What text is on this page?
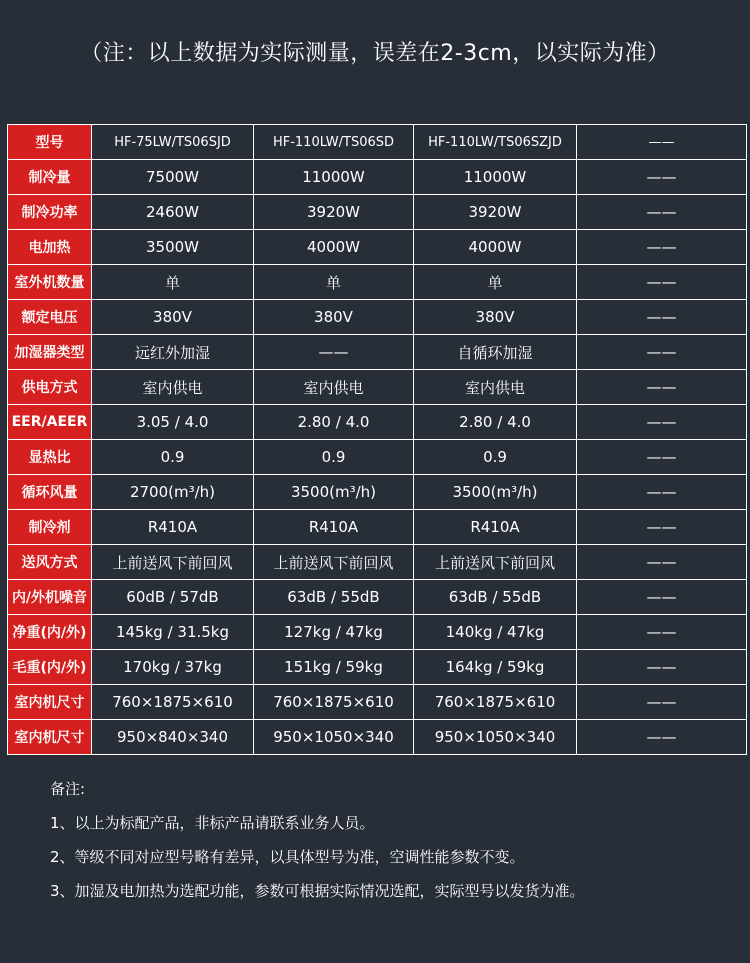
（注：以上数据为实际测量，误差在2-3cm，以实际为准）
型号	HF-75LW/TS06SJD	HF-110LW/TS06SD	HF-110LW/TS06SZJD	——
制冷量	7500W	11000W	11000W	——
制冷功率	2460W	3920W	3920W	——
电加热	3500W	4000W	4000W	——
室外机数量	单	单	单	——
额定电压	380V	380V	380V	——
加湿器类型	远红外加湿	——	自循环加湿	——
供电方式	室内供电	室内供电	室内供电	——
EER/AEER	3.05 / 4.0	2.80 / 4.0	2.80 / 4.0	——
显热比	0.9	0.9	0.9	——
循环风量	2700(m³/h)	3500(m³/h)	3500(m³/h)	——
制冷剂	R410A	R410A	R410A	——
送风方式	上前送风下前回风	上前送风下前回风	上前送风下前回风	——
内/外机噪音	60dB / 57dB	63dB / 55dB	63dB / 55dB	——
净重(内/外)	145kg / 31.5kg	127kg / 47kg	140kg / 47kg	——
毛重(内/外)	170kg / 37kg	151kg / 59kg	164kg / 59kg	——
室内机尺寸	760×1875×610	760×1875×610	760×1875×610	——
室内机尺寸	950×840×340	950×1050×340	950×1050×340	——
备注:
1、以上为标配产品，非标产品请联系业务人员。
2、等级不同对应型号略有差异，以具体型号为准，空调性能参数不变。
3、加湿及电加热为选配功能，参数可根据实际情况选配，实际型号以发货为准。
